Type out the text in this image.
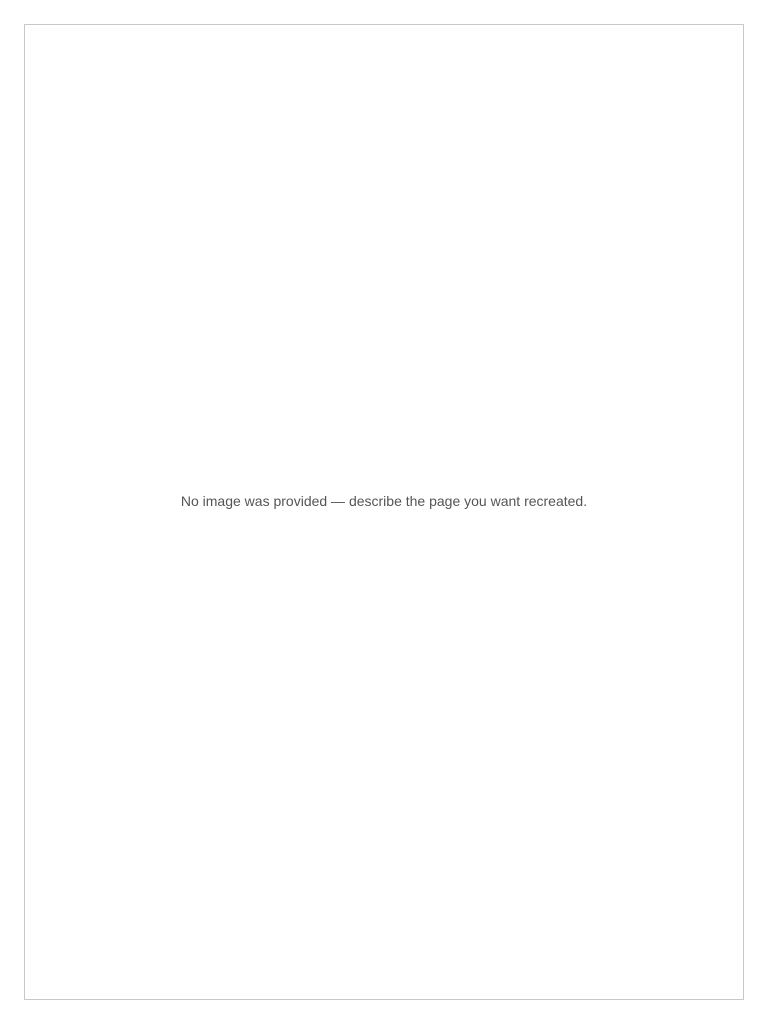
No image was provided — describe the page you want recreated.
